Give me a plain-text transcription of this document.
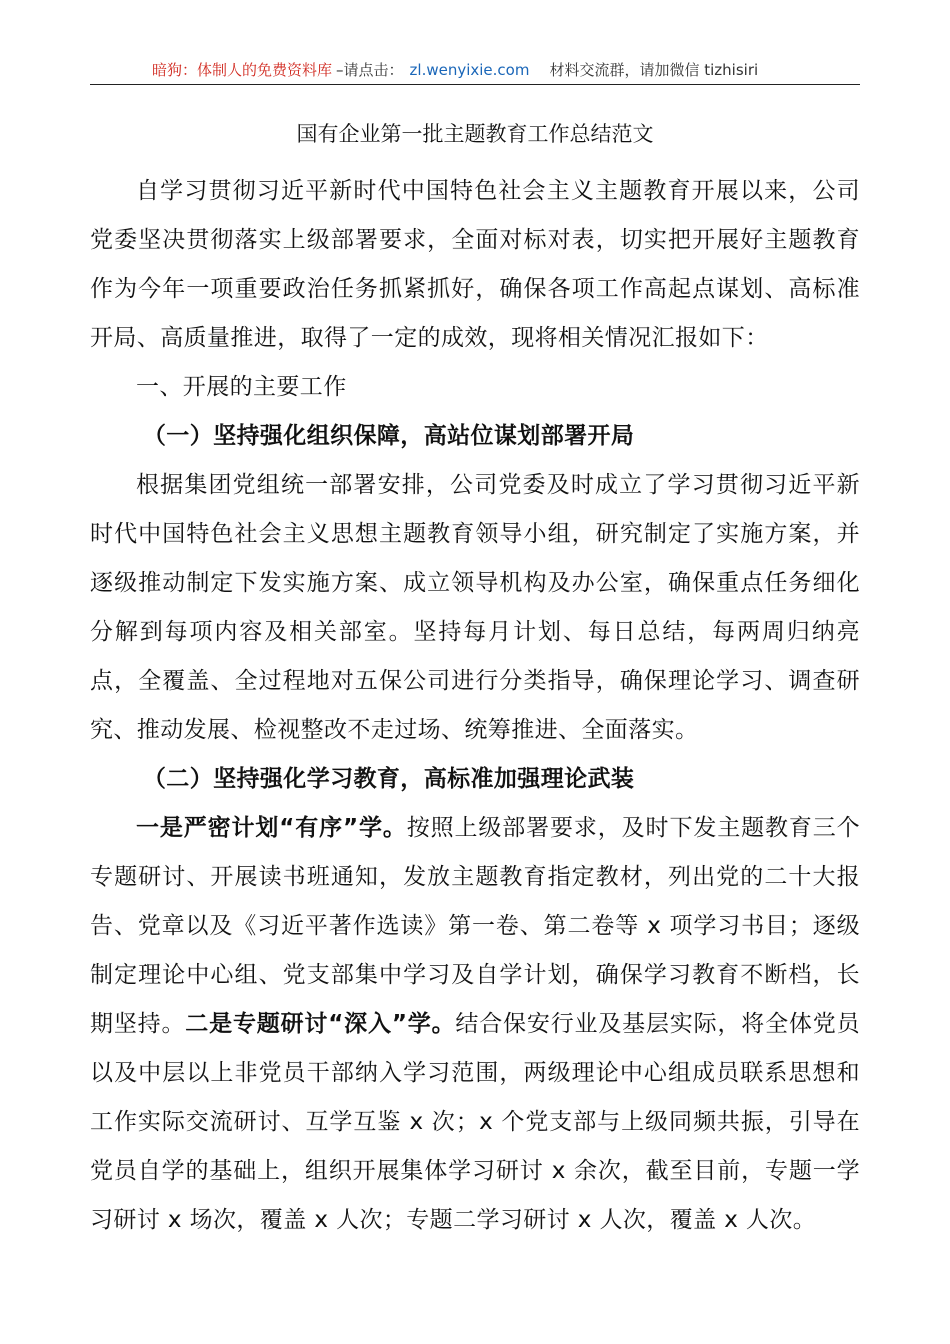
暗狗：体制人的免费资料库 –请点击： zl.wenyixie.com 材料交流群，请加微信 tizhisiri
国有企业第一批主题教育工作总结范文

自学习贯彻习近平新时代中国特色社会主义主题教育开展以来，公司党委坚决贯彻落实上级部署要求，全面对标对表，切实把开展好主题教育作为今年一项重要政治任务抓紧抓好，确保各项工作高起点谋划、高标准开局、高质量推进，取得了一定的成效，现将相关情况汇报如下：

一、开展的主要工作

（一）坚持强化组织保障，高站位谋划部署开局

根据集团党组统一部署安排，公司党委及时成立了学习贯彻习近平新时代中国特色社会主义思想主题教育领导小组，研究制定了实施方案，并逐级推动制定下发实施方案、成立领导机构及办公室，确保重点任务细化分解到每项内容及相关部室。坚持每月计划、每日总结，每两周归纳亮点，全覆盖、全过程地对五保公司进行分类指导，确保理论学习、调查研究、推动发展、检视整改不走过场、统筹推进、全面落实。

（二）坚持强化学习教育，高标准加强理论武装

一是严密计划“有序”学。按照上级部署要求，及时下发主题教育三个专题研讨、开展读书班通知，发放主题教育指定教材，列出党的二十大报告、党章以及《习近平著作选读》第一卷、第二卷等 x 项学习书目；逐级制定理论中心组、党支部集中学习及自学计划，确保学习教育不断档，长期坚持。二是专题研讨“深入”学。结合保安行业及基层实际，将全体党员以及中层以上非党员干部纳入学习范围，两级理论中心组成员联系思想和工作实际交流研讨、互学互鉴 x 次；x 个党支部与上级同频共振，引导在党员自学的基础上，组织开展集体学习研讨 x 余次，截至目前，专题一学习研讨 x 场次，覆盖 x 人次；专题二学习研讨 x 人次，覆盖 x 人次。
